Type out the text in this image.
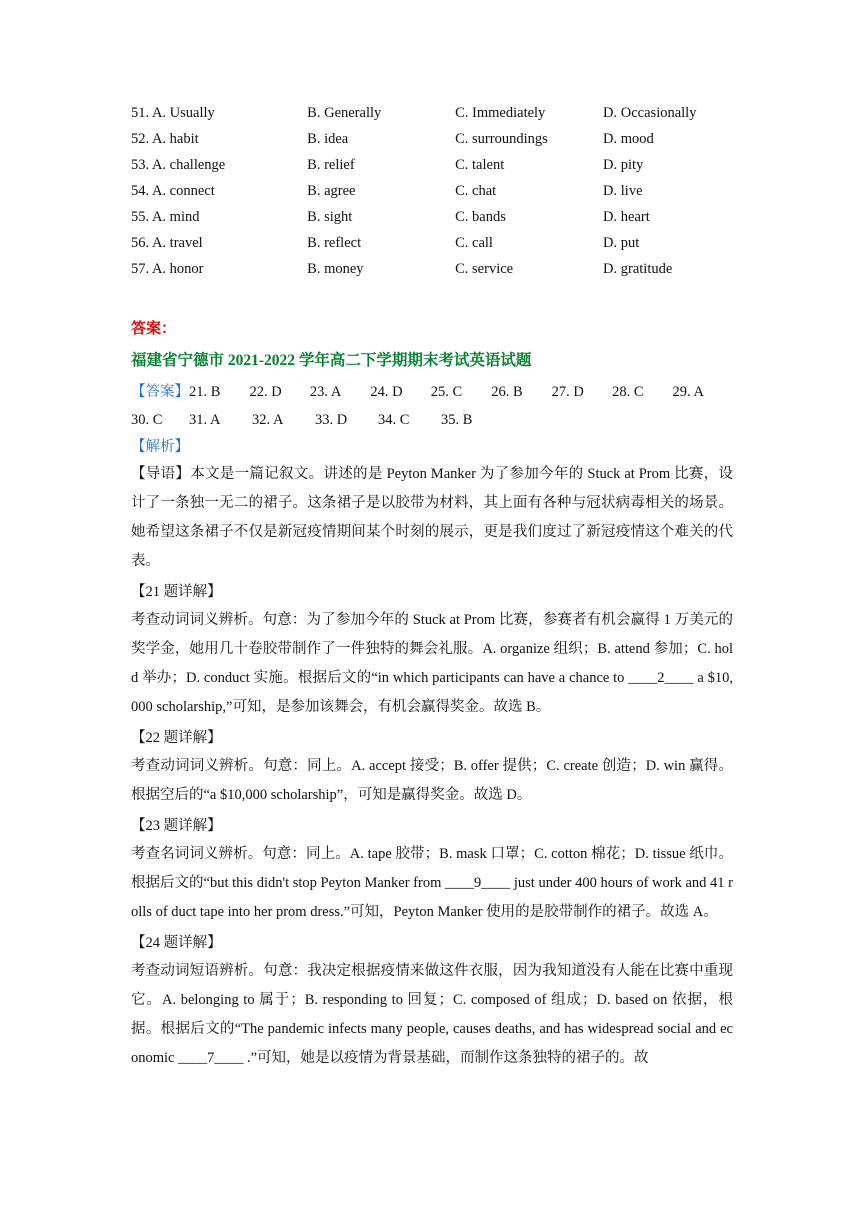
51. A. Usually	B. Generally	C. Immediately	D. Occasionally
52. A. habit	B. idea	C. surroundings	D. mood
53. A. challenge	B. relief	C. talent	D. pity
54. A. connect	B. agree	C. chat	D. live
55. A. mind	B. sight	C. bands	D. heart
56. A. travel	B. reflect	C. call	D. put
57. A. honor	B. money	C. service	D. gratitude
答案：
福建省宁德市 2021-2022 学年高二下学期期末考试英语试题
【答案】 21. B	22. D	23. A	24. D	25. C	26. B	27. D	28. C	29. A
30. C	31. A	32. A	33. D	34. C	35. B
【解析】
【导语】本文是一篇记叙文。讲述的是 Peyton Manker 为了参加今年的 Stuck at Prom 比赛，设计了一条独一无二的裙子。这条裙子是以胶带为材料，其上面有各种与冠状病毒相关的场景。她希望这条裙子不仅是新冠疫情期间某个时刻的展示，更是我们度过了新冠疫情这个难关的代表。
【21 题详解】
考查动词词义辨析。句意：为了参加今年的 Stuck at Prom 比赛，参赛者有机会赢得 1 万美元的奖学金，她用几十卷胶带制作了一件独特的舞会礼服。A. organize 组织；B. attend 参加；C. hold 举办；D. conduct 实施。根据后文的“in which participants can have a chance to ____2____ a $10,000 scholarship,”可知，是参加该舞会，有机会赢得奖金。故选 B。
【22 题详解】
考查动词词义辨析。句意：同上。A. accept 接受；B. offer 提供；C. create 创造；D. win 赢得。根据空后的“a $10,000 scholarship”，可知是赢得奖金。故选 D。
【23 题详解】
考查名词词义辨析。句意：同上。A. tape 胶带；B. mask 口罩；C. cotton 棉花；D. tissue 纸巾。根据后文的“but this didn't stop Peyton Manker from ____9____ just under 400 hours of work and 41 rolls of duct tape into her prom dress.”可知，Peyton Manker 使用的是胶带制作的裙子。故选 A。
【24 题详解】
考查动词短语辨析。句意：我决定根据疫情来做这件衣服，因为我知道没有人能在比赛中重现它。A. belonging to 属于；B. responding to 回复；C. composed of 组成；D. based on 依据，根据。根据后文的“The pandemic infects many people, causes deaths, and has widespread social and economic ____7____ .”可知，她是以疫情为背景基础，而制作这条独特的裙子的。故
